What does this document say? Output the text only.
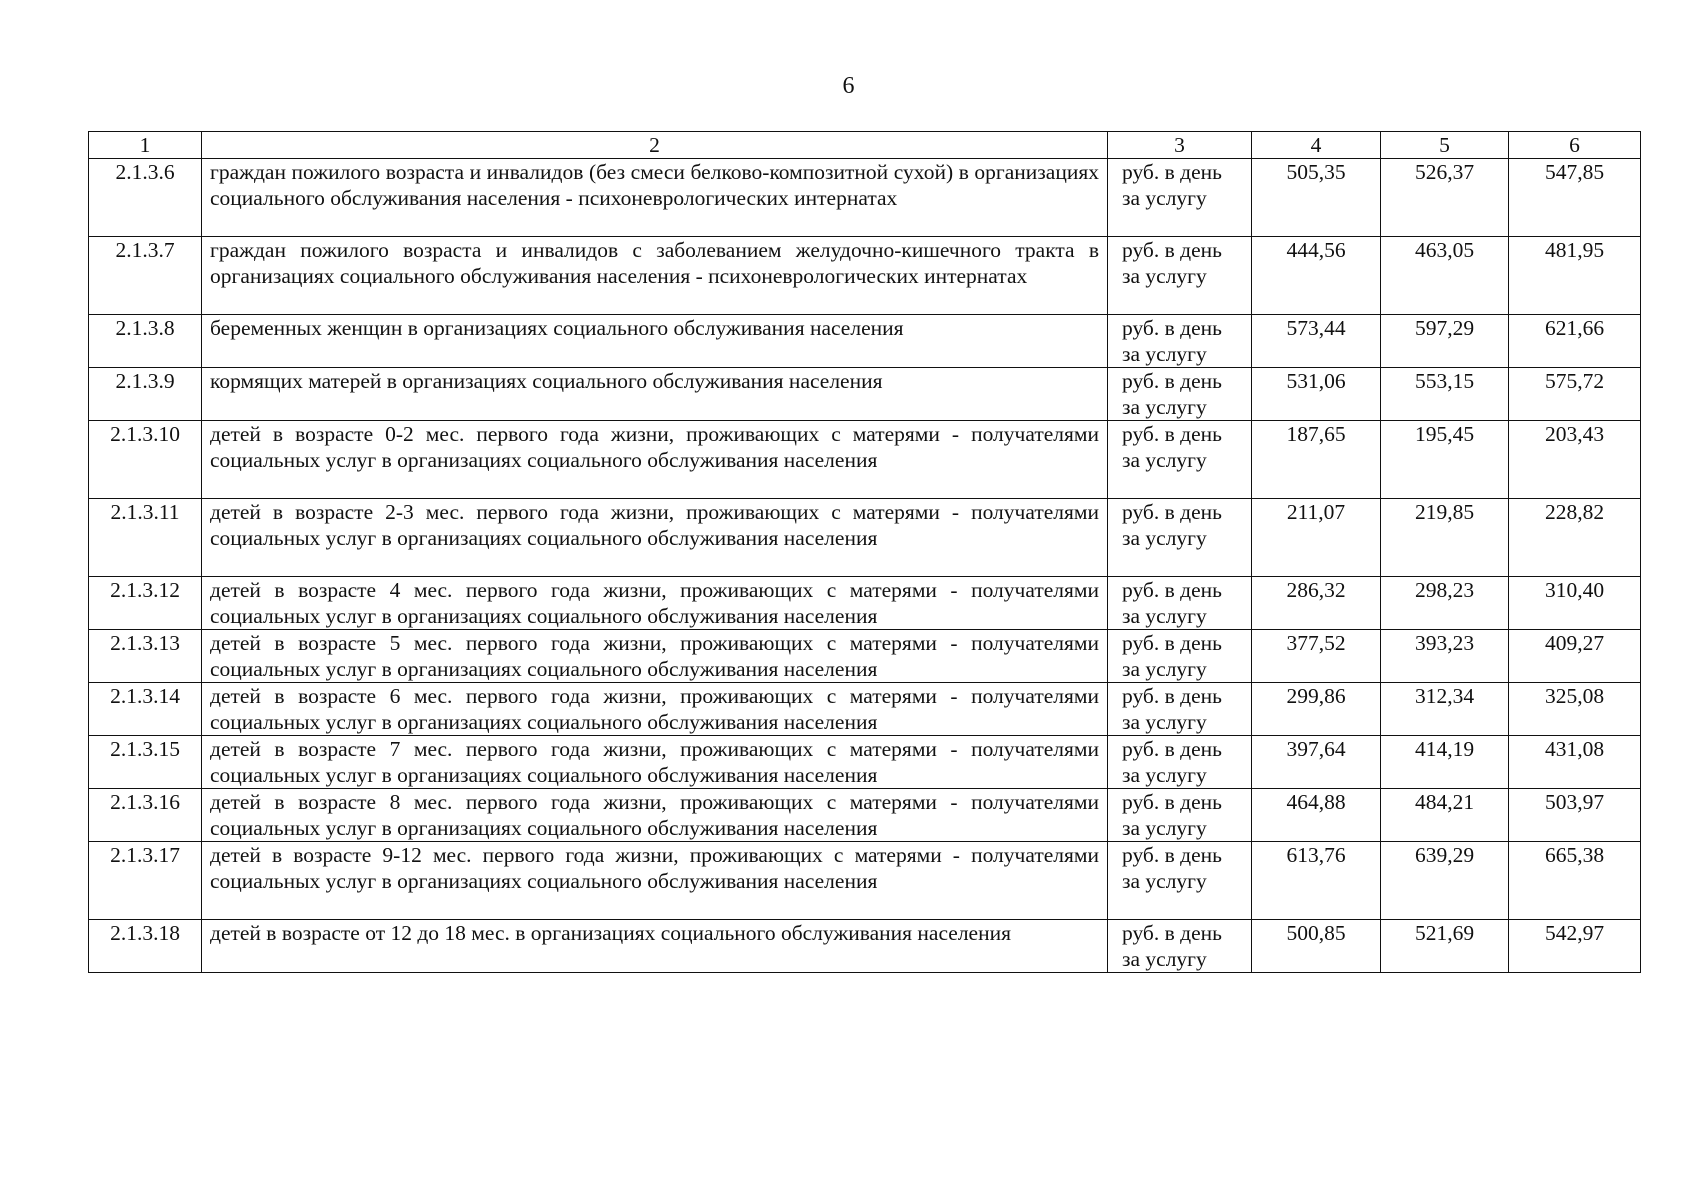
6
1	2	3	4	5	6
2.1.3.6	граждан пожилого возраста и инвалидов (без смеси белково-композитной сухой) в организациях социального обслуживания населения - психоневрологических интернатах	руб. в день за услугу	505,35	526,37	547,85
2.1.3.7	граждан пожилого возраста и инвалидов с заболеванием желудочно-кишечного тракта в организациях социального обслуживания населения - психоневрологических интернатах	руб. в день за услугу	444,56	463,05	481,95
2.1.3.8	беременных женщин в организациях социального обслуживания населения	руб. в день за услугу	573,44	597,29	621,66
2.1.3.9	кормящих матерей в организациях социального обслуживания населения	руб. в день за услугу	531,06	553,15	575,72
2.1.3.10	детей в возрасте 0-2 мес. первого года жизни, проживающих с матерями - получателями социальных услуг в организациях социального обслуживания населения	руб. в день за услугу	187,65	195,45	203,43
2.1.3.11	детей в возрасте 2-3 мес. первого года жизни, проживающих с матерями - получателями социальных услуг в организациях социального обслуживания населения	руб. в день за услугу	211,07	219,85	228,82
2.1.3.12	детей в возрасте 4 мес. первого года жизни, проживающих с матерями - получателями социальных услуг в организациях социального обслуживания населения	руб. в день за услугу	286,32	298,23	310,40
2.1.3.13	детей в возрасте 5 мес. первого года жизни, проживающих с матерями - получателями социальных услуг в организациях социального обслуживания населения	руб. в день за услугу	377,52	393,23	409,27
2.1.3.14	детей в возрасте 6 мес. первого года жизни, проживающих с матерями - получателями социальных услуг в организациях социального обслуживания населения	руб. в день за услугу	299,86	312,34	325,08
2.1.3.15	детей в возрасте 7 мес. первого года жизни, проживающих с матерями - получателями социальных услуг в организациях социального обслуживания населения	руб. в день за услугу	397,64	414,19	431,08
2.1.3.16	детей в возрасте 8 мес. первого года жизни, проживающих с матерями - получателями социальных услуг в организациях социального обслуживания населения	руб. в день за услугу	464,88	484,21	503,97
2.1.3.17	детей в возрасте 9-12 мес. первого года жизни, проживающих с матерями - получателями социальных услуг в организациях социального обслуживания населения	руб. в день за услугу	613,76	639,29	665,38
2.1.3.18	детей в возрасте от 12 до 18 мес. в организациях социального обслуживания населения	руб. в день за услугу	500,85	521,69	542,97
